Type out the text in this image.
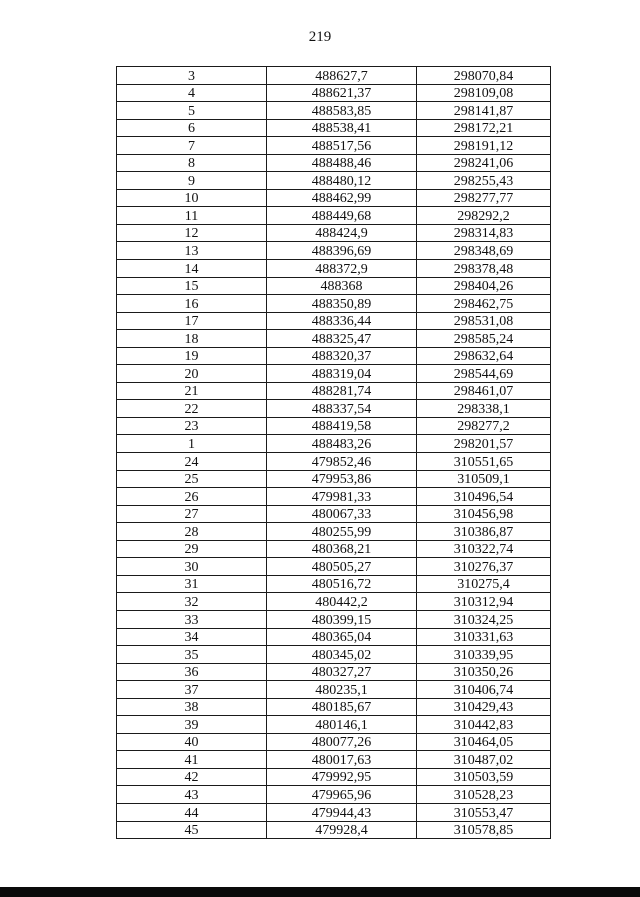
219
3	488627,7	298070,84
4	488621,37	298109,08
5	488583,85	298141,87
6	488538,41	298172,21
7	488517,56	298191,12
8	488488,46	298241,06
9	488480,12	298255,43
10	488462,99	298277,77
11	488449,68	298292,2
12	488424,9	298314,83
13	488396,69	298348,69
14	488372,9	298378,48
15	488368	298404,26
16	488350,89	298462,75
17	488336,44	298531,08
18	488325,47	298585,24
19	488320,37	298632,64
20	488319,04	298544,69
21	488281,74	298461,07
22	488337,54	298338,1
23	488419,58	298277,2
1	488483,26	298201,57
24	479852,46	310551,65
25	479953,86	310509,1
26	479981,33	310496,54
27	480067,33	310456,98
28	480255,99	310386,87
29	480368,21	310322,74
30	480505,27	310276,37
31	480516,72	310275,4
32	480442,2	310312,94
33	480399,15	310324,25
34	480365,04	310331,63
35	480345,02	310339,95
36	480327,27	310350,26
37	480235,1	310406,74
38	480185,67	310429,43
39	480146,1	310442,83
40	480077,26	310464,05
41	480017,63	310487,02
42	479992,95	310503,59
43	479965,96	310528,23
44	479944,43	310553,47
45	479928,4	310578,85
